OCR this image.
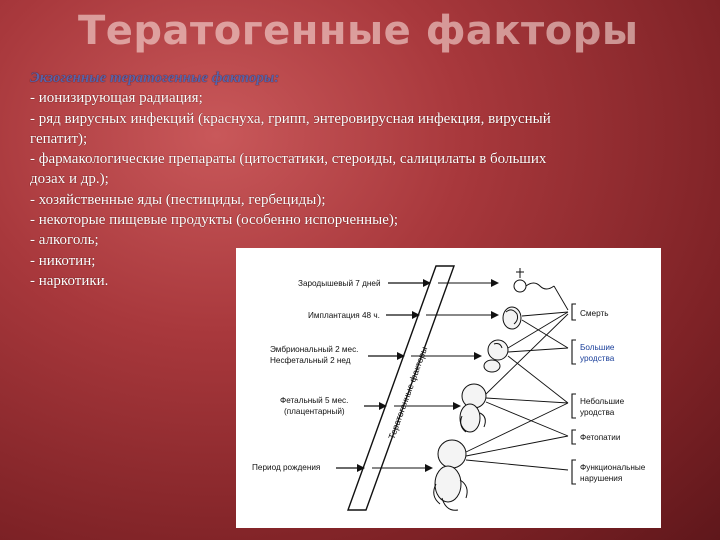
Тератогенные факторы
Экзогенные тератогенные факторы:
- ионизирующая радиация;
- ряд вирусных инфекций (краснуха, грипп, энтеровирусная инфекция, вирусный
гепатит);
- фармакологические препараты (цитостатики, стероиды, салицилаты в больших
дозах и др.);
- хозяйственные яды (пестициды, гербециды);
- некоторые пищевые продукты (особенно испорченные);
- алкоголь;
- никотин;
- наркотики.
Тератогенные факторы
Зародышевый 7 дней
Имплантация 48 ч.
Эмбриональный 2 мес.
Несфетальный 2 нед
Фетальный 5 мес.
(плацентарный)
Период рождения
Смерть
Большие
уродства
Небольшие
уродства
Фетопатии
Функциональные
нарушения
